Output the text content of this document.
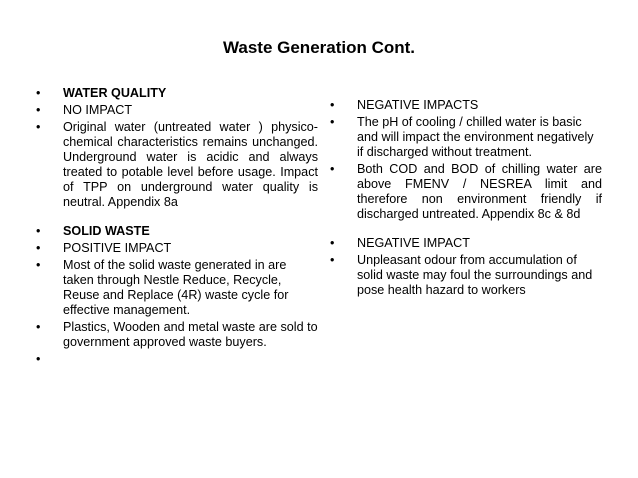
Waste Generation Cont.
•	WATER QUALITY
•	NO IMPACT
•	Original water (untreated water ) physico-chemical characteristics remains unchanged. Underground water is acidic and always treated to potable level before usage. Impact of TPP on underground water quality is neutral. Appendix 8a
•	SOLID WASTE
•	POSITIVE IMPACT
•	Most of the solid waste generated in are taken through Nestle Reduce, Recycle, Reuse and Replace (4R) waste cycle for effective management.
•	Plastics, Wooden and metal waste are sold to government approved waste buyers.
•
•	NEGATIVE IMPACTS
•	The pH of cooling / chilled water is basic and will impact the environment negatively if discharged without treatment.
•	Both COD and BOD of chilling water are above FMENV / NESREA limit and therefore non environment friendly if discharged untreated. Appendix 8c & 8d
•	NEGATIVE IMPACT
•	Unpleasant odour from accumulation of solid waste may foul the surroundings and pose health hazard to workers
